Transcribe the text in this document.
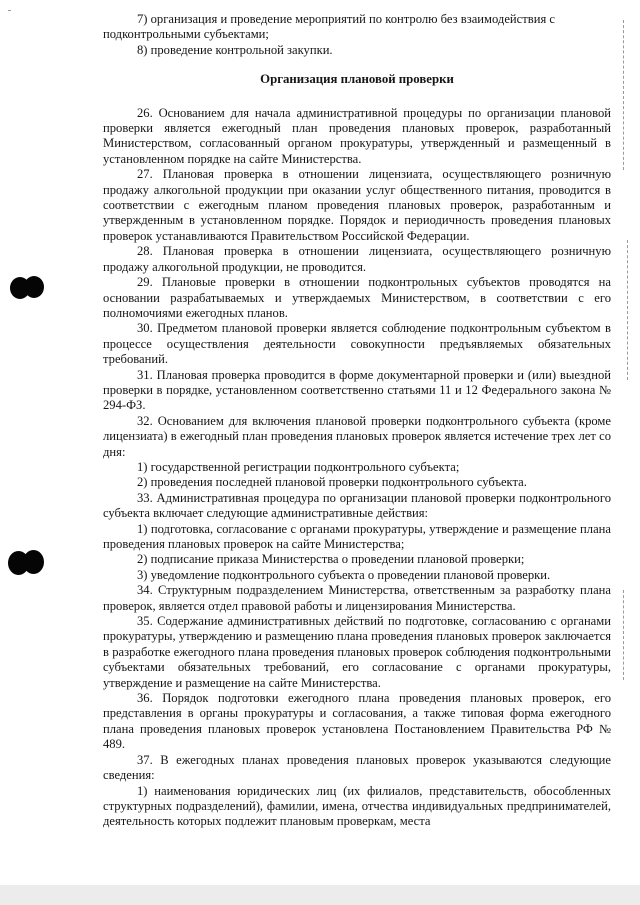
7) организация и проведение мероприятий по контролю без взаимодействия с

подконтрольными субъектами;

8) проведение контрольной закупки.

Организация плановой проверки

26. Основанием для начала административной процедуры по организации плановой проверки является ежегодный план проведения плановых проверок, разработанный Министерством, согласованный органом прокуратуры, утвержденный и размещенный в установленном порядке на сайте Министерства.

27. Плановая проверка в отношении лицензиата, осуществляющего розничную продажу алкогольной продукции при оказании услуг общественного питания, проводится в соответствии с ежегодным планом проведения плановых проверок, разработанным и утвержденным в установленном порядке. Порядок и периодичность проведения плановых проверок устанавливаются Правительством Российской Федерации.

28. Плановая проверка в отношении лицензиата, осуществляющего розничную продажу алкогольной продукции, не проводится.

29. Плановые проверки в отношении подконтрольных субъектов проводятся на основании разрабатываемых и утверждаемых Министерством, в соответствии с его полномочиями ежегодных планов.

30. Предметом плановой проверки является соблюдение подконтрольным субъектом в процессе осуществления деятельности совокупности предъявляемых обязательных требований.

31. Плановая проверка проводится в форме документарной проверки и (или) выездной проверки в порядке, установленном соответственно статьями 11 и 12 Федерального закона № 294-ФЗ.

32. Основанием для включения плановой проверки подконтрольного субъекта (кроме лицензиата) в ежегодный план проведения плановых проверок является истечение трех лет со дня:

1) государственной регистрации подконтрольного субъекта;

2) проведения последней плановой проверки подконтрольного субъекта.

33. Административная процедура по организации плановой проверки подконтрольного субъекта включает следующие административные действия:

1) подготовка, согласование с органами прокуратуры, утверждение и размещение плана проведения плановых проверок на сайте Министерства;

2) подписание приказа Министерства о проведении плановой проверки;

3) уведомление подконтрольного субъекта о проведении плановой проверки.

34. Структурным подразделением Министерства, ответственным за разработку плана проверок, является отдел правовой работы и лицензирования Министерства.

35. Содержание административных действий по подготовке, согласованию с органами прокуратуры, утверждению и размещению плана проведения плановых проверок заключается в разработке ежегодного плана проведения плановых проверок соблюдения подконтрольными субъектами обязательных требований, его согласование с органами прокуратуры, утверждение и размещение на сайте Министерства.

36. Порядок подготовки ежегодного плана проведения плановых проверок, его представления в органы прокуратуры и согласования, а также типовая форма ежегодного плана проведения плановых проверок установлена Постановлением Правительства РФ № 489.

37. В ежегодных планах проведения плановых проверок указываются следующие сведения:

1) наименования юридических лиц (их филиалов, представительств, обособленных структурных подразделений), фамилии, имена, отчества индивидуальных предпринимателей, деятельность которых подлежит плановым проверкам, места
